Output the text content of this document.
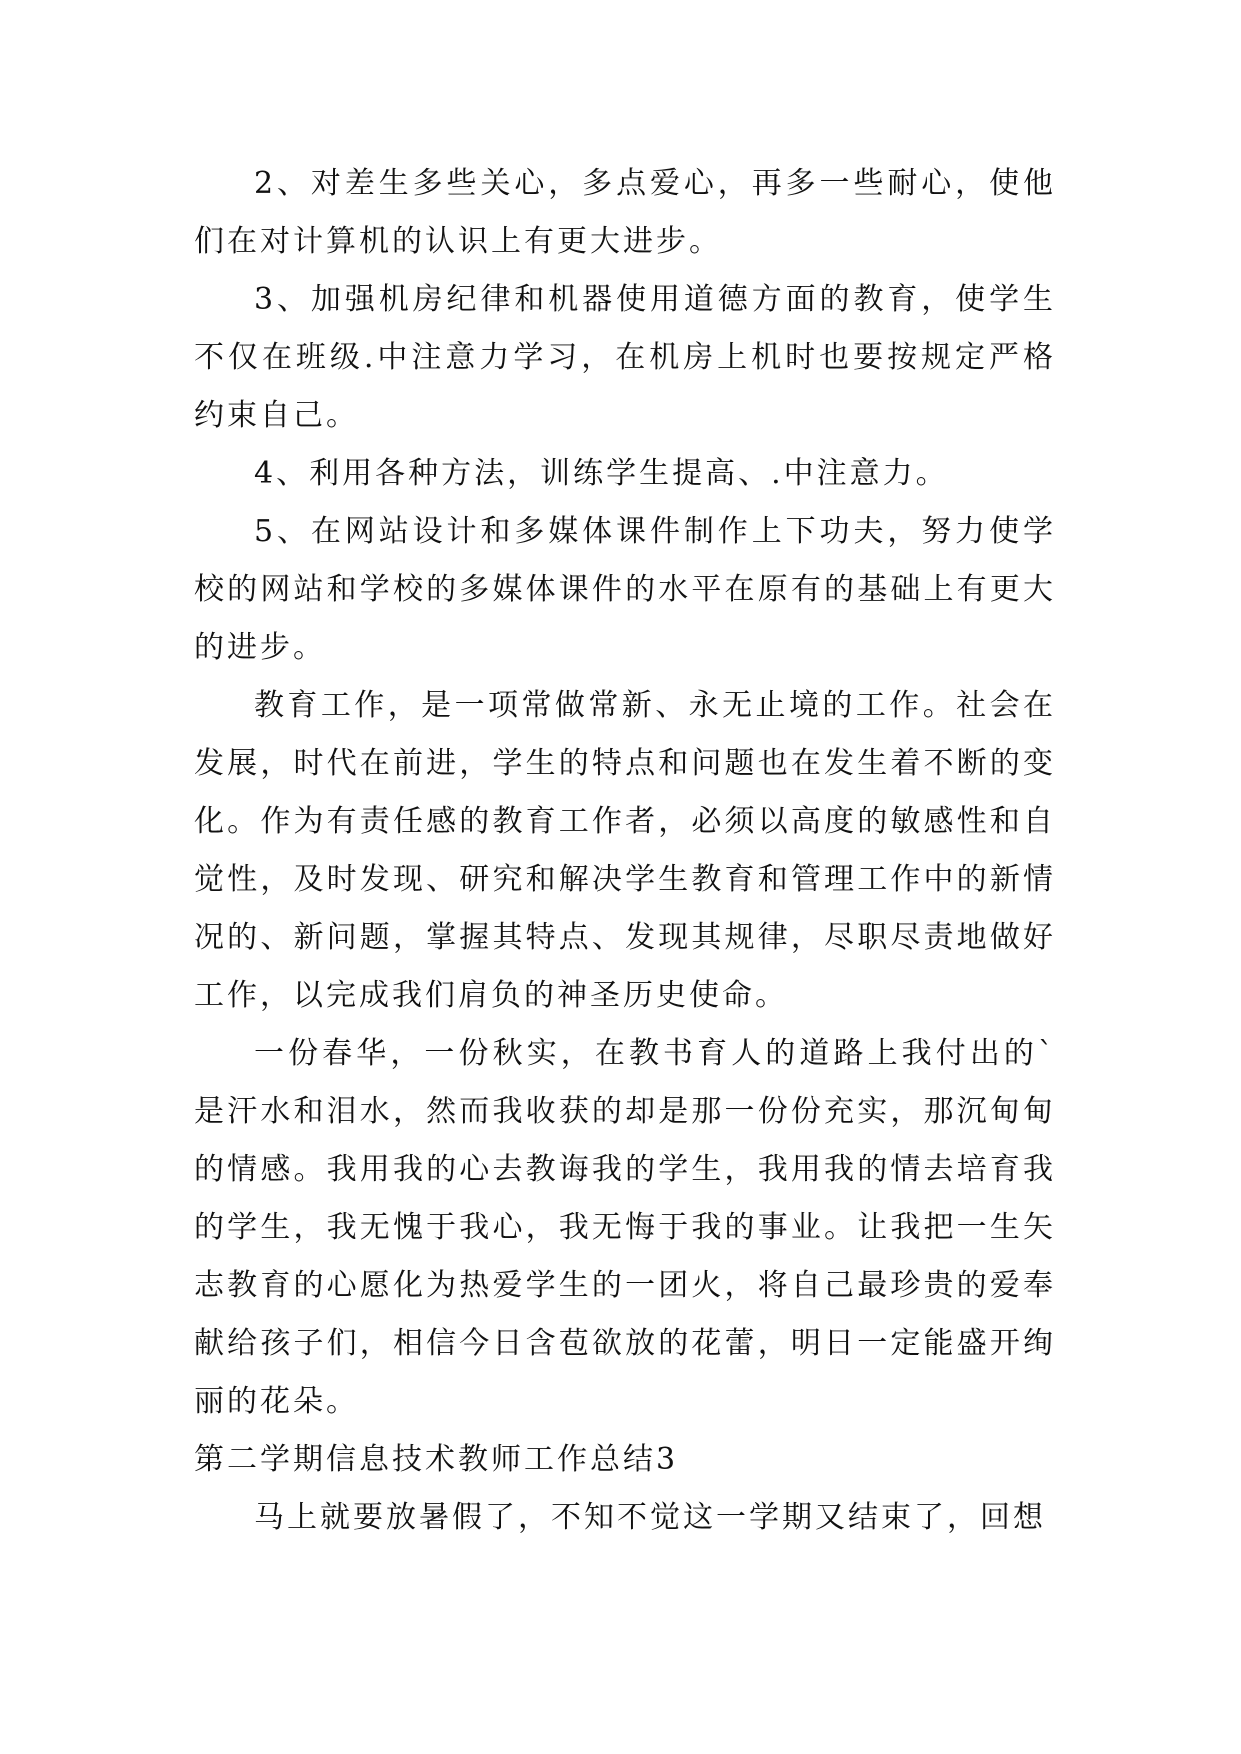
2、对差生多些关心，多点爱心，再多一些耐心，使他们在对计算机的认识上有更大进步。

3、加强机房纪律和机器使用道德方面的教育，使学生不仅在班级.中注意力学习，在机房上机时也要按规定严格约束自己。

4、利用各种方法，训练学生提高、.中注意力。

5、在网站设计和多媒体课件制作上下功夫，努力使学校的网站和学校的多媒体课件的水平在原有的基础上有更大的进步。

教育工作，是一项常做常新、永无止境的工作。社会在发展，时代在前进，学生的特点和问题也在发生着不断的变化。作为有责任感的教育工作者，必须以高度的敏感性和自觉性，及时发现、研究和解决学生教育和管理工作中的新情况的、新问题，掌握其特点、发现其规律，尽职尽责地做好工作，以完成我们肩负的神圣历史使命。

一份春华，一份秋实，在教书育人的道路上我付出的`是汗水和泪水，然而我收获的却是那一份份充实，那沉甸甸的情感。我用我的心去教诲我的学生，我用我的情去培育我的学生，我无愧于我心，我无悔于我的事业。让我把一生矢志教育的心愿化为热爱学生的一团火，将自己最珍贵的爱奉献给孩子们，相信今日含苞欲放的花蕾，明日一定能盛开绚丽的花朵。

第二学期信息技术教师工作总结3

马上就要放暑假了，不知不觉这一学期又结束了，回想
